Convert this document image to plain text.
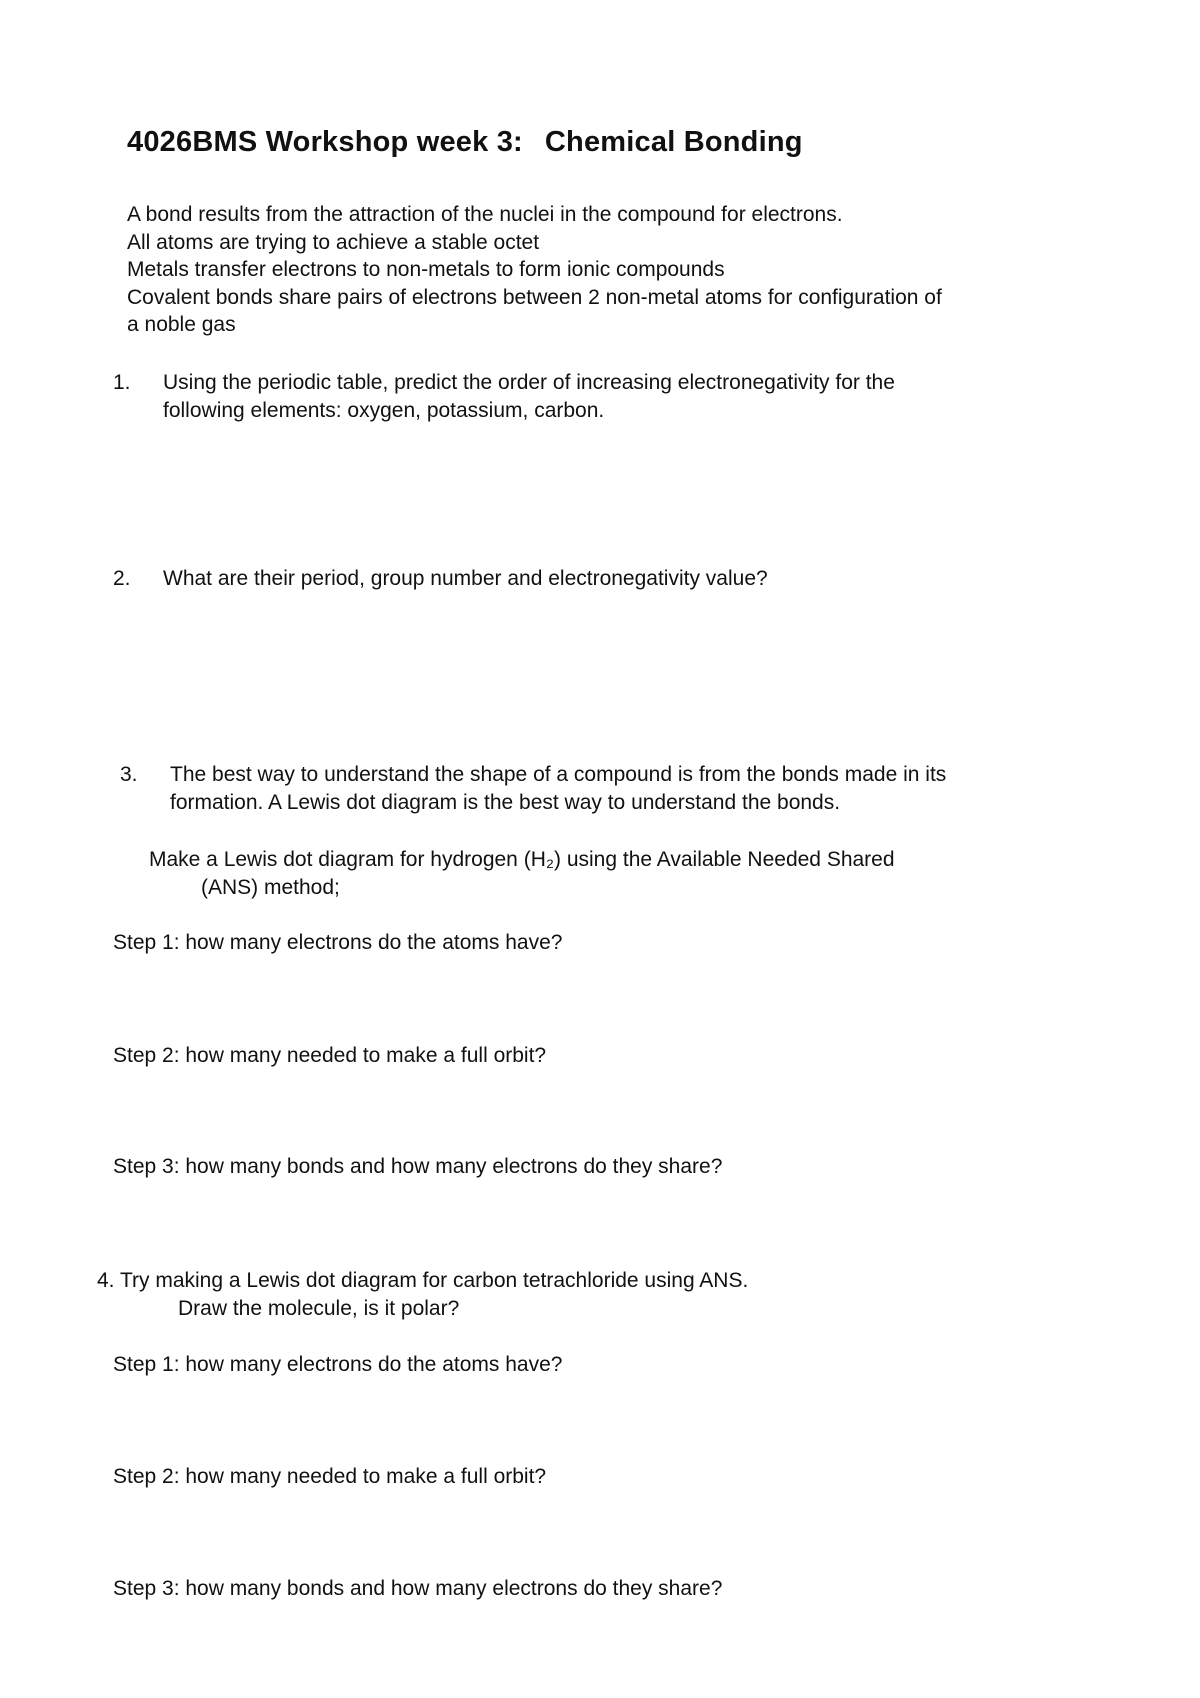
4026BMS Workshop week 3: Chemical Bonding

A bond results from the attraction of the nuclei in the compound for electrons.

All atoms are trying to achieve a stable octet

Metals transfer electrons to non-metals to form ionic compounds

Covalent bonds share pairs of electrons between 2 non-metal atoms for configuration of

a noble gas

1. Using the periodic table, predict the order of increasing electronegativity for the

following elements: oxygen, potassium, carbon.

2. What are their period, group number and electronegativity value?

3. The best way to understand the shape of a compound is from the bonds made in its

formation. A Lewis dot diagram is the best way to understand the bonds.

Make a Lewis dot diagram for hydrogen (H₂) using the Available Needed Shared

(ANS) method;

Step 1: how many electrons do the atoms have?

Step 2: how many needed to make a full orbit?

Step 3: how many bonds and how many electrons do they share?

4. Try making a Lewis dot diagram for carbon tetrachloride using ANS.

Draw the molecule, is it polar?

Step 1: how many electrons do the atoms have?

Step 2: how many needed to make a full orbit?

Step 3: how many bonds and how many electrons do they share?
